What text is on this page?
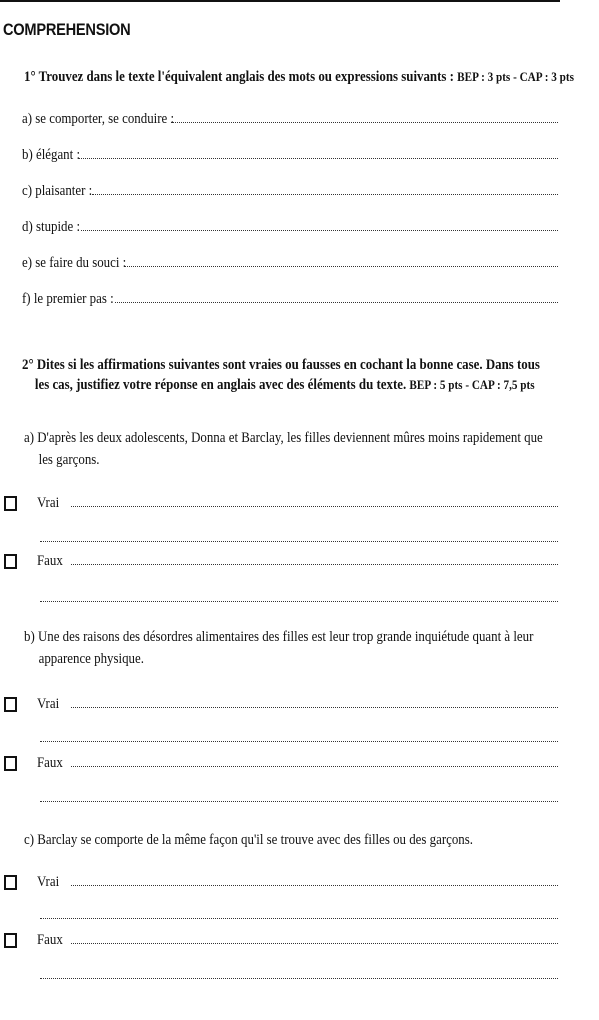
COMPREHENSION
1° Trouvez dans le texte l'équivalent anglais des mots ou expressions suivants : BEP : 3 pts - CAP : 3 pts
a) se comporter, se conduire :
b) élégant :
c) plaisanter :
d) stupide :
e) se faire du souci :
f) le premier pas :
2° Dites si les affirmations suivantes sont vraies ou fausses en cochant la bonne case. Dans tous
les cas, justifiez votre réponse en anglais avec des éléments du texte. BEP : 5 pts - CAP : 7,5 pts
a) D'après les deux adolescents, Donna et Barclay, les filles deviennent mûres moins rapidement que
les garçons.
Vrai
Faux
b) Une des raisons des désordres alimentaires des filles est leur trop grande inquiétude quant à leur
apparence physique.
Vrai
Faux
c) Barclay se comporte de la même façon qu'il se trouve avec des filles ou des garçons.
Vrai
Faux
